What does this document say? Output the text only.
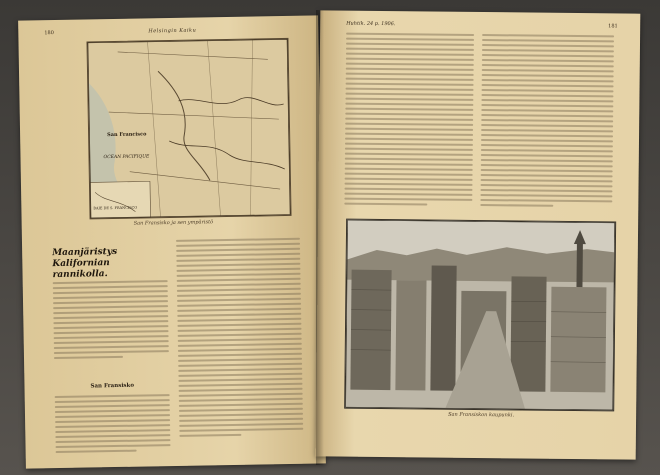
180	Helsingin Kaiku
San Francisco
OCEAN PACIFIQUE
BAIE DE S. FRANCISCO
San Fransisko ja sen ympäristö
Maanjäristys Kalifornian rannikolla.
San Fransisko
Huhtik. 24 p. 1906.	181
San Fransiskon kaupunki.
